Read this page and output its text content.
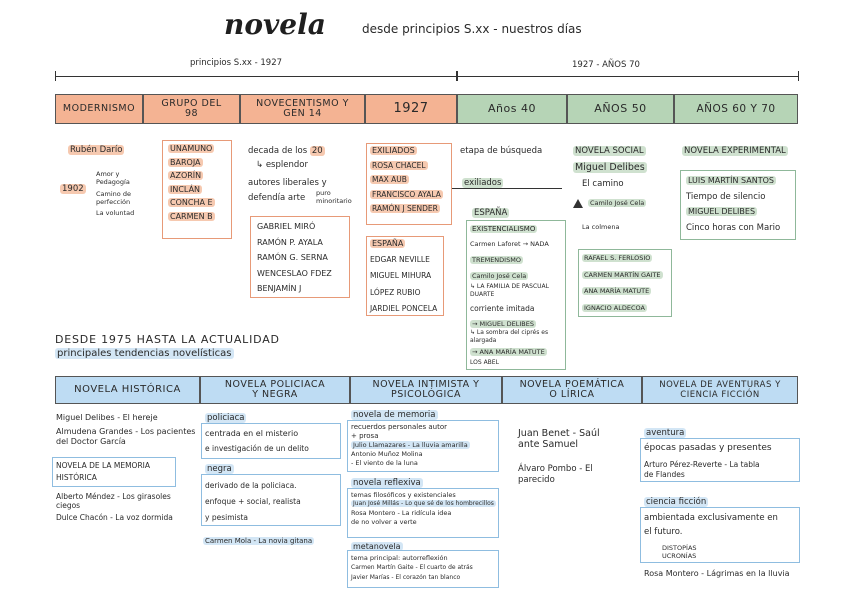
novela	desde principios S.xx - nuestros días
principios S.xx - 1927	1927 - AÑOS 70
MODERNISMO	GRUPO DEL 98
NOVECENTISMO Y GEN 14	1927	Años 40	AÑOS 50	AÑOS 60 Y 70
Rubén Darío
1902
Amor y Pedagogía
Camino de perfección
La voluntad
UNAMUNO
BAROJA
AZORÍN
INCLÁN
CONCHA E
CARMEN B
decada de los 20
↳ esplendor
autores liberales y
defendía arte puro
minoritario
GABRIEL MIRÓ
RAMÓN P. AYALA
RAMÓN G. SERNA
WENCESLAO FDEZ
BENJAMÍN J
EXILIADOS
ROSA CHACEL
MAX AUB
FRANCISCO AYALA
RAMÓN J SENDER
ESPAÑA
EDGAR NEVILLE
MIGUEL MIHURA
LÓPEZ RUBIO
JARDIEL PONCELA
etapa de búsqueda
exiliados
ESPAÑA
EXISTENCIALISMO
Carmen Laforet → NADA
TREMENDISMO
Camilo José Cela
↳ LA FAMILIA DE PASCUAL DUARTE
corriente imitada
→ MIGUEL DELIBES
↳ La sombra del ciprés es alargada
→ ANA MARÍA MATUTE
LOS ABEL
NOVELA SOCIAL
Miguel Delibes
El camino
Camilo José Cela
La colmena
RAFAEL S. FERLOSIO
CARMEN MARTÍN GAITE
ANA MARÍA MATUTE
IGNACIO ALDECOA
NOVELA EXPERIMENTAL
LUIS MARTÍN SANTOS
Tiempo de silencio
MIGUEL DELIBES
Cinco horas con Mario
DESDE 1975 HASTA LA ACTUALIDAD
principales tendencias novelísticas
NOVELA HISTÓRICA	NOVELA POLICIACA Y NEGRA
NOVELA INTIMISTA Y PSICOLÓGICA
NOVELA POEMÁTICA O LÍRICA
NOVELA DE AVENTURAS Y CIENCIA FICCIÓN
Miguel Delibes - El hereje
Almudena Grandes - Los pacientes del Doctor García
NOVELA DE LA MEMORIA HISTÓRICA
Alberto Méndez - Los girasoles ciegos
Dulce Chacón - La voz dormida
policiaca
centrada en el misterio
e investigación de un delito
negra
derivado de la policiaca.
enfoque + social, realista
y pesimista
Carmen Mola - La novia gitana
novela de memoria
recuerdos personales autor
+ prosa
Julio Llamazares - La lluvia amarilla
Antonio Muñoz Molina
- El viento de la luna
novela reflexiva
temas filosóficos y existenciales
Juan José Millás - Lo que sé de los hombrecillos
Rosa Montero - La ridícula idea
de no volver a verte
metanovela
tema principal: autorreflexión
Carmen Martín Gaite - El cuarto de atrás
Javier Marías - El corazón tan blanco
Juan Benet - Saúl
ante Samuel
Álvaro Pombo - El
parecido
aventura
épocas pasadas y presentes
Arturo Pérez-Reverte - La tabla
de Flandes
ciencia ficción
ambientada exclusivamente en
el futuro.
DISTOPÍAS
UCRONÍAS
Rosa Montero - Lágrimas en la lluvia
